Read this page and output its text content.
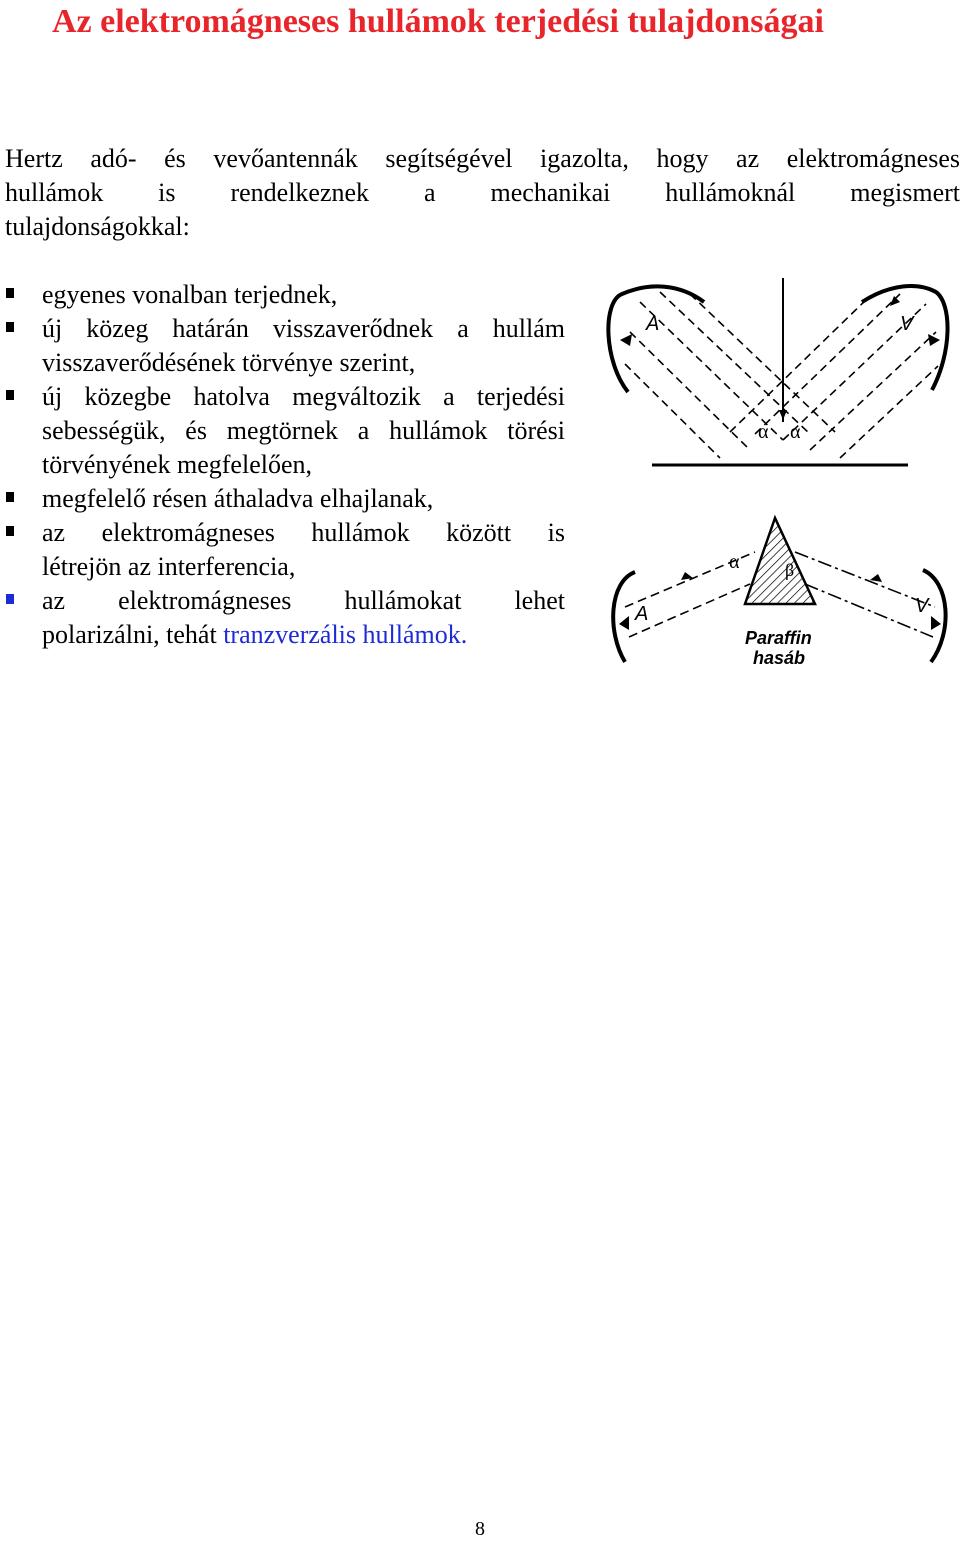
Az elektromágneses hullámok terjedési tulajdonságai

Hertz adó- és vevőantennák segítségével igazolta, hogy az elektromágneses
hullámok is rendelkeznek a mechanikai hullámoknál megismert
tulajdonságokkal:

egyenes vonalban terjednek,
új közeg határán visszaverődnek a hullám
visszaverődésének törvénye szerint,
új közegbe hatolva megváltozik a terjedési
sebességük, és megtörnek a hullámok törési
törvényének megfelelően,
megfelelő résen áthaladva elhajlanak,
az elektromágneses hullámok között is
létrejön az interferencia,
az elektromágneses hullámokat lehet
polarizálni, tehát tranzverzális hullámok.
A	V
α α
A	V
α	β
Paraffin
hasáb

8
